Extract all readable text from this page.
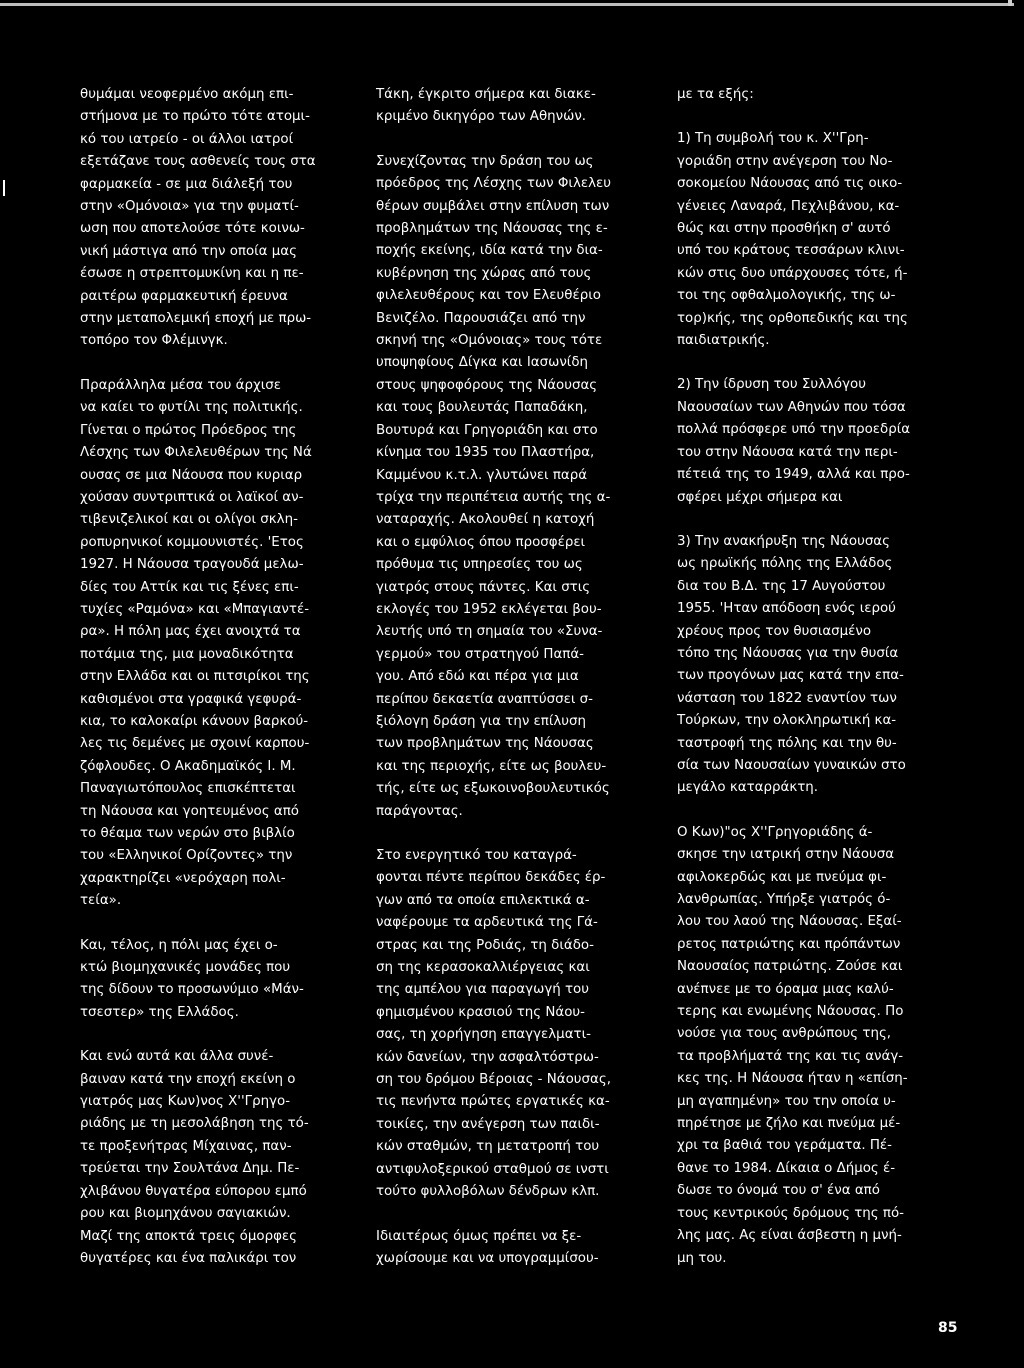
θυμάμαι νεοφερμένο ακόμη επι-
στήμονα με το πρώτο τότε ατομι-
κό του ιατρείο - οι άλλοι ιατροί
εξετάζανε τους ασθενείς τους στα
φαρμακεία - σε μια διάλεξή του
στην «Ομόνοια» για την φυματί-
ωση που αποτελούσε τότε κοινω-
νική μάστιγα από την οποία μας
έσωσε η στρεπτομυκίνη και η πε-
ραιτέρω φαρμακευτική έρευνα
στην μεταπολεμική εποχή με πρω-
τοπόρο τον Φλέμινγκ.
Πραράλληλα μέσα του άρχισε
να καίει το φυτίλι της πολιτικής.
Γίνεται ο πρώτος Πρόεδρος της
Λέσχης των Φιλελευθέρων της Νά
ουσας σε μια Νάουσα που κυριαρ
χούσαν συντριπτικά οι λαϊκοί αν-
τιβενιζελικοί και οι ολίγοι σκλη-
ροπυρηνικοί κομμουνιστές. 'Ετος
1927. Η Νάουσα τραγουδά μελω-
δίες του Αττίκ και τις ξένες επι-
τυχίες «Ραμόνα» και «Μπαγιαντέ-
ρα». Η πόλη μας έχει ανοιχτά τα
ποτάμια της, μια μοναδικότητα
στην Ελλάδα και οι πιτσιρίκοι της
καθισμένοι στα γραφικά γεφυρά-
κια, το καλοκαίρι κάνουν βαρκού-
λες τις δεμένες με σχοινί καρπου-
ζόφλουδες. Ο Ακαδημαϊκός Ι. Μ.
Παναγιωτόπουλος επισκέπτεται
τη Νάουσα και γοητευμένος από
το θέαμα των νερών στο βιβλίο
του «Ελληνικοί Ορίζοντες» την
χαρακτηρίζει «νερόχαρη πολι-
τεία».
Και, τέλος, η πόλι μας έχει ο-
κτώ βιομηχανικές μονάδες που
της δίδουν το προσωνύμιο «Μάν-
τσεστερ» της Ελλάδος.
Και ενώ αυτά και άλλα συνέ-
βαιναν κατά την εποχή εκείνη ο
γιατρός μας Κων)νος Χ''Γρηγο-
ριάδης με τη μεσολάβηση της τό-
τε προξενήτρας Μίχαινας, παν-
τρεύεται την Σουλτάνα Δημ. Πε-
χλιβάνου θυγατέρα εύπορου εμπό
ρου και βιομηχάνου σαγιακιών.
Μαζί της αποκτά τρεις όμορφες
θυγατέρες και ένα παλικάρι τον
Τάκη, έγκριτο σήμερα και διακε-
κριμένο δικηγόρο των Αθηνών.
Συνεχίζοντας την δράση του ως
πρόεδρος της Λέσχης των Φιλελευ
θέρων συμβάλει στην επίλυση των
προβλημάτων της Νάουσας της ε-
ποχής εκείνης, ιδία κατά την δια-
κυβέρνηση της χώρας από τους
φιλελευθέρους και τον Ελευθέριο
Βενιζέλο. Παρουσιάζει από την
σκηνή της «Ομόνοιας» τους τότε
υποψηφίους Δίγκα και Ιασωνίδη
στους ψηφοφόρους της Νάουσας
και τους βουλευτάς Παπαδάκη,
Βουτυρά και Γρηγοριάδη και στο
κίνημα του 1935 του Πλαστήρα,
Καμμένου κ.τ.λ. γλυτώνει παρά
τρίχα την περιπέτεια αυτής της α-
ναταραχής. Ακολουθεί η κατοχή
και ο εμφύλιος όπου προσφέρει
πρόθυμα τις υπηρεσίες του ως
γιατρός στους πάντες. Και στις
εκλογές του 1952 εκλέγεται βου-
λευτής υπό τη σημαία του «Συνα-
γερμού» του στρατηγού Παπά-
γου. Από εδώ και πέρα για μια
περίπου δεκαετία αναπτύσσει σ-
ξιόλογη δράση για την επίλυση
των προβλημάτων της Νάουσας
και της περιοχής, είτε ως βουλευ-
τής, είτε ως εξωκοινοβουλευτικός
παράγοντας.
Στο ενεργητικό του καταγρά-
φονται πέντε περίπου δεκάδες έρ-
γων από τα οποία επιλεκτικά α-
ναφέρουμε τα αρδευτικά της Γά-
στρας και της Ροδιάς, τη διάδο-
ση της κερασοκαλλιέργειας και
της αμπέλου για παραγωγή του
φημισμένου κρασιού της Νάου-
σας, τη χορήγηση επαγγελματι-
κών δανείων, την ασφαλτόστρω-
ση του δρόμου Βέροιας - Νάουσας,
τις πενήντα πρώτες εργατικές κα-
τοικίες, την ανέγερση των παιδι-
κών σταθμών, τη μετατροπή του
αντιφυλοξερικού σταθμού σε ινστι
τούτο φυλλοβόλων δένδρων κλπ.
Ιδιαιτέρως όμως πρέπει να ξε-
χωρίσουμε και να υπογραμμίσου-
με τα εξής:
1) Τη συμβολή του κ. Χ''Γρη-
γοριάδη στην ανέγερση του Νο-
σοκομείου Νάουσας από τις οικο-
γένειες Λαναρά, Πεχλιβάνου, κα-
θώς και στην προσθήκη σ' αυτό
υπό του κράτους τεσσάρων κλινι-
κών στις δυο υπάρχουσες τότε, ή-
τοι της οφθαλμολογικής, της ω-
τορ)κής, της ορθοπεδικής και της
παιδιατρικής.
2) Την ίδρυση του Συλλόγου
Ναουσαίων των Αθηνών που τόσα
πολλά πρόσφερε υπό την προεδρία
του στην Νάουσα κατά την περι-
πέτειά της το 1949, αλλά και προ-
σφέρει μέχρι σήμερα και
3) Την ανακήρυξη της Νάουσας
ως ηρωϊκής πόλης της Ελλάδος
δια του Β.Δ. της 17 Αυγούστου
1955. 'Ηταν απόδοση ενός ιερού
χρέους προς τον θυσιασμένο
τόπο της Νάουσας για την θυσία
των προγόνων μας κατά την επα-
νάσταση του 1822 εναντίον των
Τούρκων, την ολοκληρωτική κα-
ταστροφή της πόλης και την θυ-
σία των Ναουσαίων γυναικών στο
μεγάλο καταρράκτη.
Ο Κων)"ος Χ''Γρηγοριάδης ά-
σκησε την ιατρική στην Νάουσα
αφιλοκερδώς και με πνεύμα φι-
λανθρωπίας. Υπήρξε γιατρός ό-
λου του λαού της Νάουσας. Εξαί-
ρετος πατριώτης και πρόπάντων
Ναουσαίος πατριώτης. Ζούσε και
ανέπνεε με το όραμα μιας καλύ-
τερης και ενωμένης Νάουσας. Πο
νούσε για τους ανθρώπους της,
τα προβλήματά της και τις ανάγ-
κες της. Η Νάουσα ήταν η «επίση-
μη αγαπημένη» του την οποία υ-
πηρέτησε με ζήλο και πνεύμα μέ-
χρι τα βαθιά του γεράματα. Πέ-
θανε το 1984. Δίκαια ο Δήμος έ-
δωσε το όνομά του σ' ένα από
τους κεντρικούς δρόμους της πό-
λης μας. Ας είναι άσβεστη η μνή-
μη του.
85
